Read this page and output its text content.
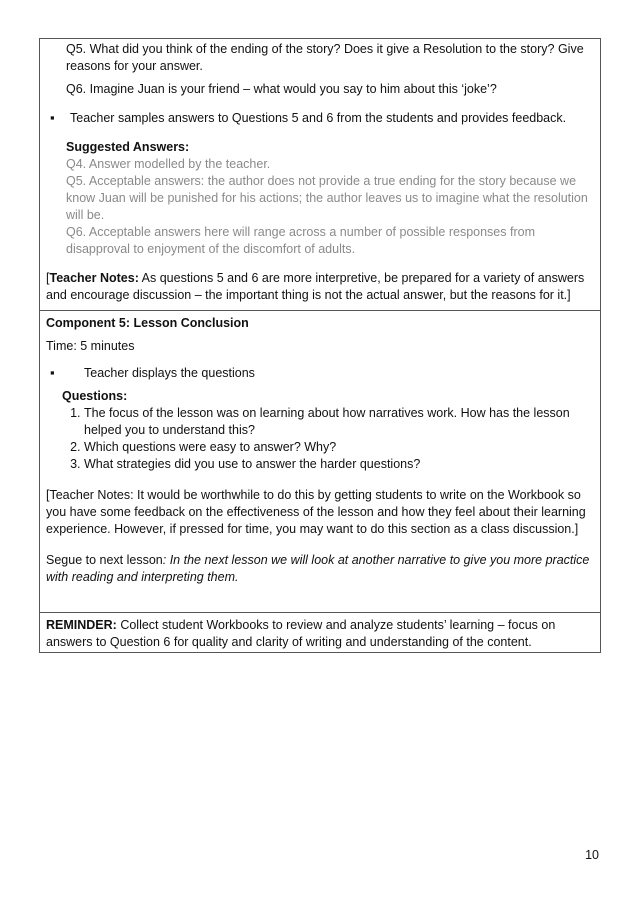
Q5. What did you think of the ending of the story? Does it give a Resolution to the story? Give reasons for your answer.

Q6. Imagine Juan is your friend – what would you say to him about this ‘joke’?

▪ Teacher samples answers to Questions 5 and 6 from the students and provides feedback.

Suggested Answers:

Q4. Answer modelled by the teacher.

Q5. Acceptable answers: the author does not provide a true ending for the story because we know Juan will be punished for his actions; the author leaves us to imagine what the resolution will be.

Q6. Acceptable answers here will range across a number of possible responses from disapproval to enjoyment of the discomfort of adults.

[Teacher Notes: As questions 5 and 6 are more interpretive, be prepared for a variety of answers and encourage discussion – the important thing is not the actual answer, but the reasons for it.]

Component 5: Lesson Conclusion

Time: 5 minutes

▪ Teacher displays the questions

Questions:

1. The focus of the lesson was on learning about how narratives work. How has the lesson helped you to understand this?
2. Which questions were easy to answer? Why?
3. What strategies did you use to answer the harder questions?

[Teacher Notes: It would be worthwhile to do this by getting students to write on the Workbook so you have some feedback on the effectiveness of the lesson and how they feel about their learning experience. However, if pressed for time, you may want to do this section as a class discussion.]

Segue to next lesson: In the next lesson we will look at another narrative to give you more practice with reading and interpreting them.

REMINDER: Collect student Workbooks to review and analyze students’ learning – focus on answers to Question 6 for quality and clarity of writing and understanding of the content.

10
